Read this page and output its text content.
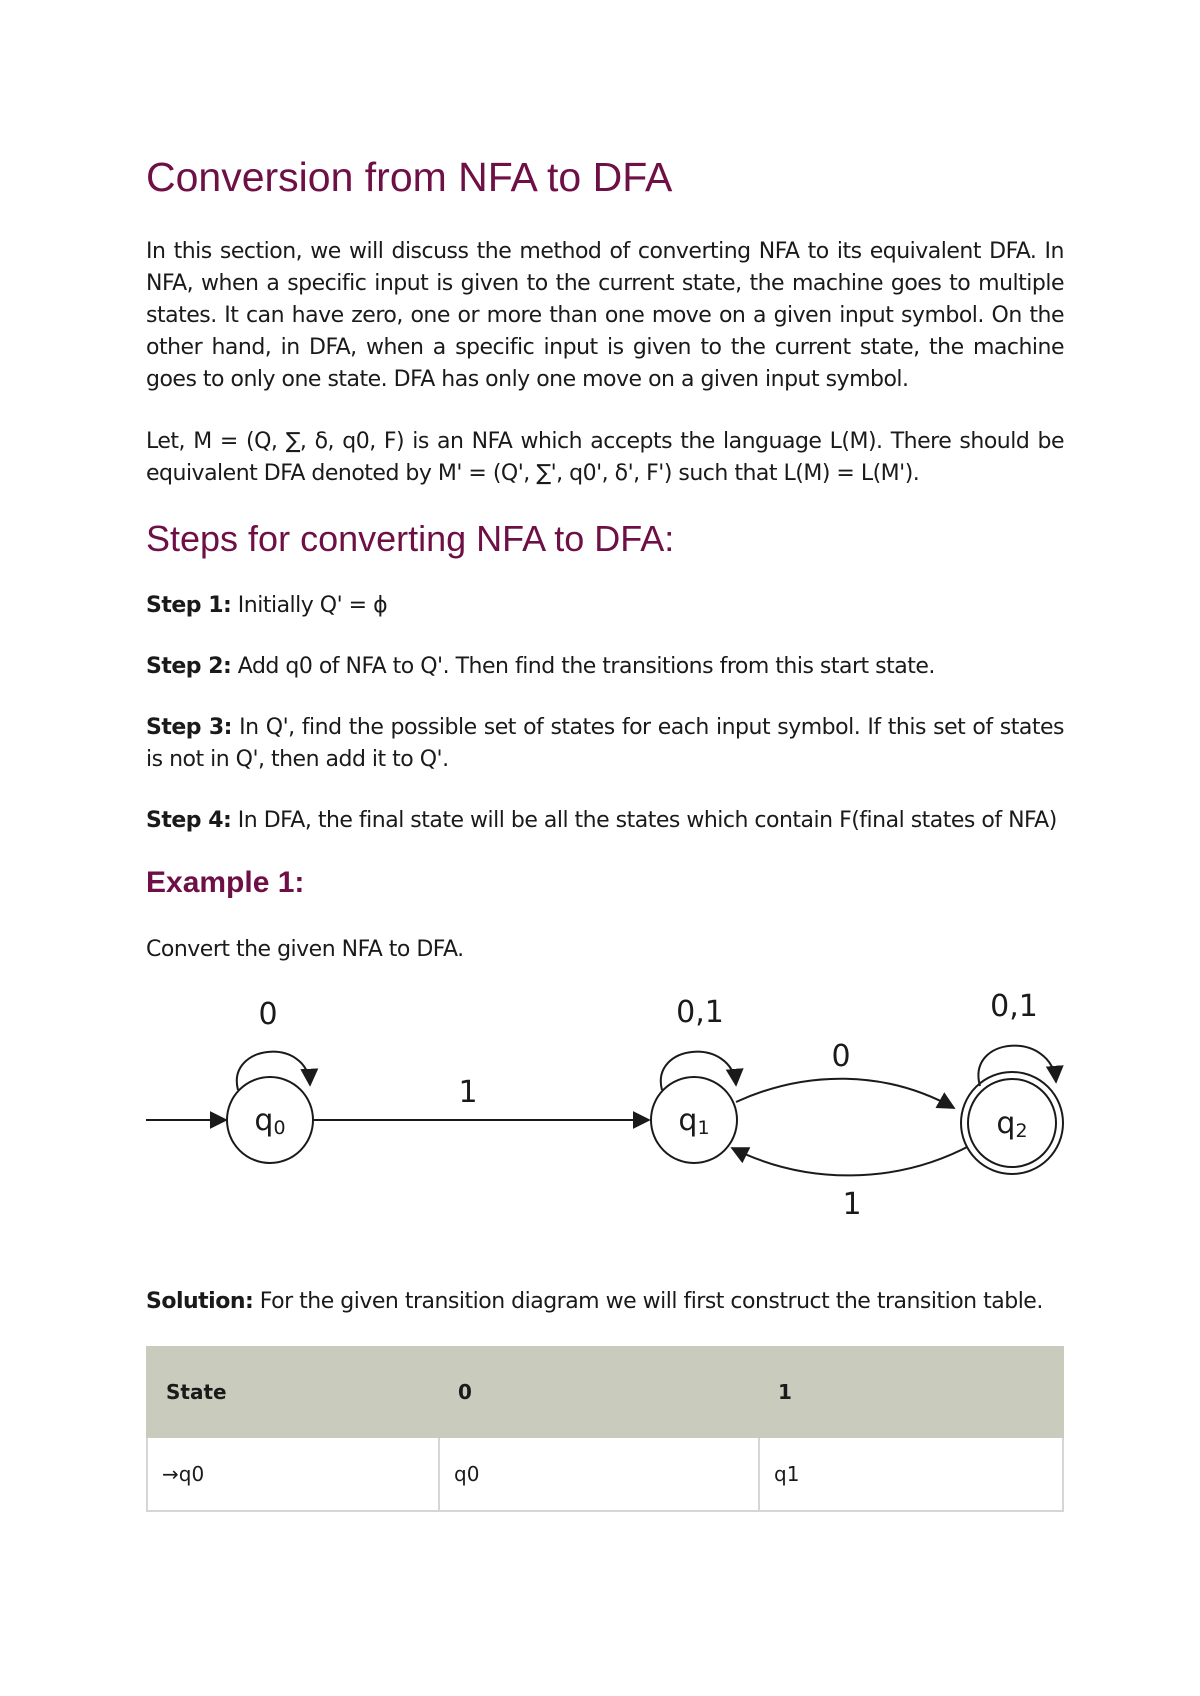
Conversion from NFA to DFA

In this section, we will discuss the method of converting NFA to its equivalent DFA. In NFA, when a specific input is given to the current state, the machine goes to multiple states. It can have zero, one or more than one move on a given input symbol. On the other hand, in DFA, when a specific input is given to the current state, the machine goes to only one state. DFA has only one move on a given input symbol.

Let, M = (Q, ∑, δ, q0, F) is an NFA which accepts the language L(M). There should be equivalent DFA denoted by M' = (Q', ∑', q0', δ', F') such that L(M) = L(M').

Steps for converting NFA to DFA:

Step 1: Initially Q' = ϕ

Step 2: Add q0 of NFA to Q'. Then find the transitions from this start state.

Step 3: In Q', find the possible set of states for each input symbol. If this set of states is not in Q', then add it to Q'.

Step 4: In DFA, the final state will be all the states which contain F(final states of NFA)

Example 1:

Convert the given NFA to DFA.

q0
0
1
q1
0,1
0
1
q2
0,1

Solution: For the given transition diagram we will first construct the transition table.

State	0	1
→q0	q0	q1
